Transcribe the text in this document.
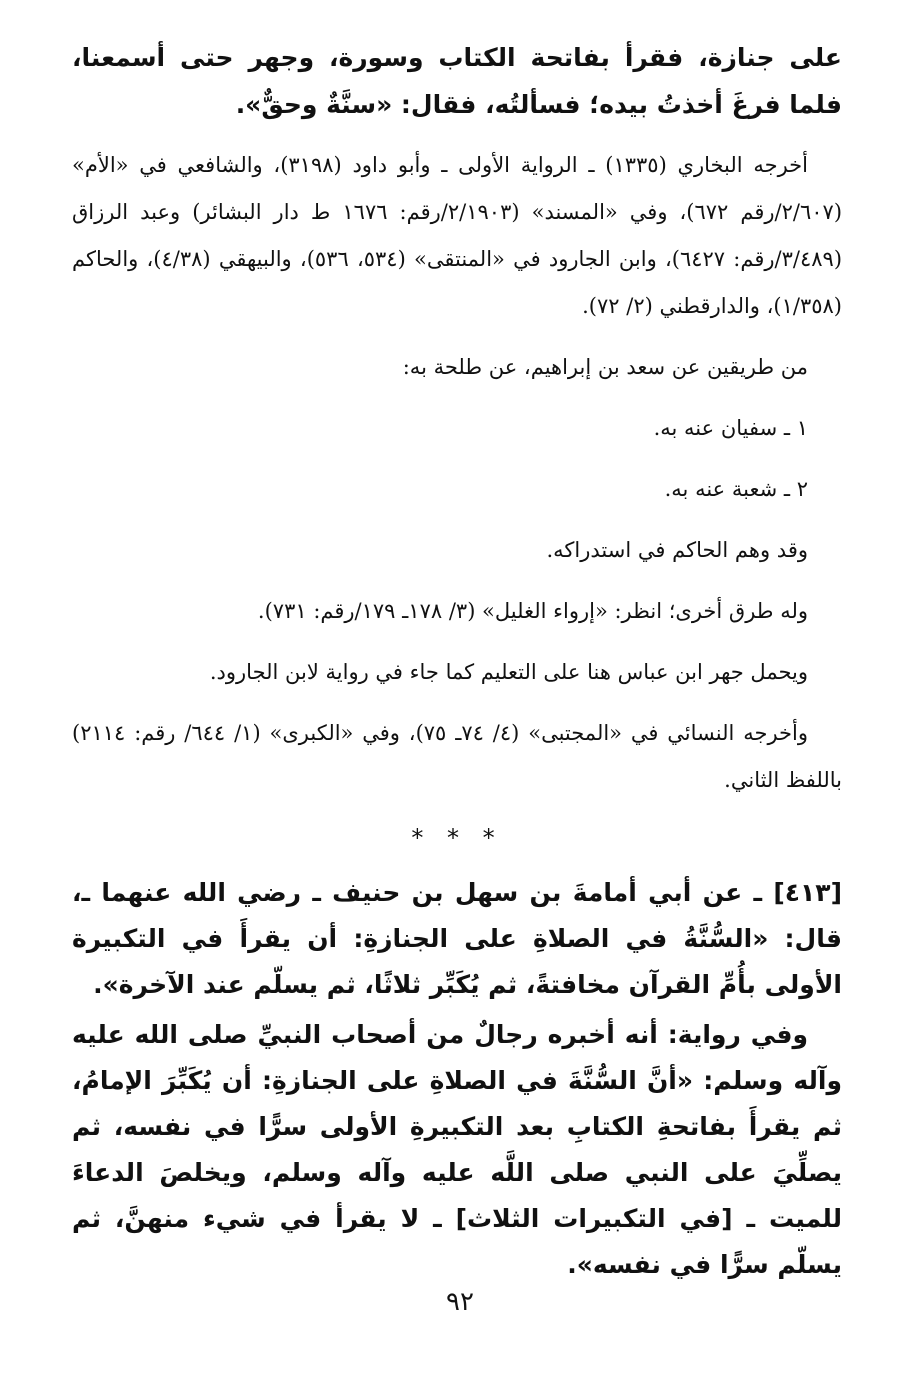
على جنازة، فقرأ بفاتحة الكتاب وسورة، وجهر حتى أسمعنا، فلما فرغَ أخذتُ بيده؛ فسألتُه، فقال: «سنَّةٌ وحقٌّ».

أخرجه البخاري (١٣٣٥) ـ الرواية الأولى ـ وأبو داود (٣١٩٨)، والشافعي في «الأم» (٢/٦٠٧/رقم ٦٧٢)، وفي «المسند» (٢/١٩٠٣/رقم: ١٦٧٦ ط دار البشائر) وعبد الرزاق (٣/٤٨٩/رقم: ٦٤٢٧)، وابن الجارود في «المنتقى» (٥٣٤، ٥٣٦)، والبيهقي (٤/٣٨)، والحاكم (١/٣٥٨)، والدارقطني (٢/ ٧٢).

من طريقين عن سعد بن إبراهيم، عن طلحة به:

١ ـ سفيان عنه به.

٢ ـ شعبة عنه به.

وقد وهم الحاكم في استدراكه.

وله طرق أخرى؛ انظر: «إرواء الغليل» (٣/ ١٧٨ـ ١٧٩/رقم: ٧٣١).

ويحمل جهر ابن عباس هنا على التعليم كما جاء في رواية لابن الجارود.

وأخرجه النسائي في «المجتبى» (٤/ ٧٤ـ ٧٥)، وفي «الكبرى» (١/ ٦٤٤/ رقم: ٢١١٤) باللفظ الثاني.

* * *

[٤١٣] ـ عن أبي أمامةَ بن سهل بن حنيف ـ رضي الله عنهما ـ، قال: «السُّنَّةُ في الصلاةِ على الجنازةِ: أن يقرأَ في التكبيرة الأولى بأُمِّ القرآن مخافتةً، ثم يُكَبِّر ثلاثًا، ثم يسلّم عند الآخرة».

وفي رواية: أنه أخبره رجالٌ من أصحاب النبيِّ صلى الله عليه وآله وسلم: «أنَّ السُّنَّةَ في الصلاةِ على الجنازةِ: أن يُكَبِّرَ الإمامُ، ثم يقرأَ بفاتحةِ الكتابِ بعد التكبيرةِ الأولى سرًّا في نفسه، ثم يصلِّيَ على النبي صلى اللَّه عليه وآله وسلم، ويخلصَ الدعاءَ للميت ـ [في التكبيرات الثلاث] ـ لا يقرأ في شيء منهنَّ، ثم يسلّم سرًّا في نفسه».

٩٢
